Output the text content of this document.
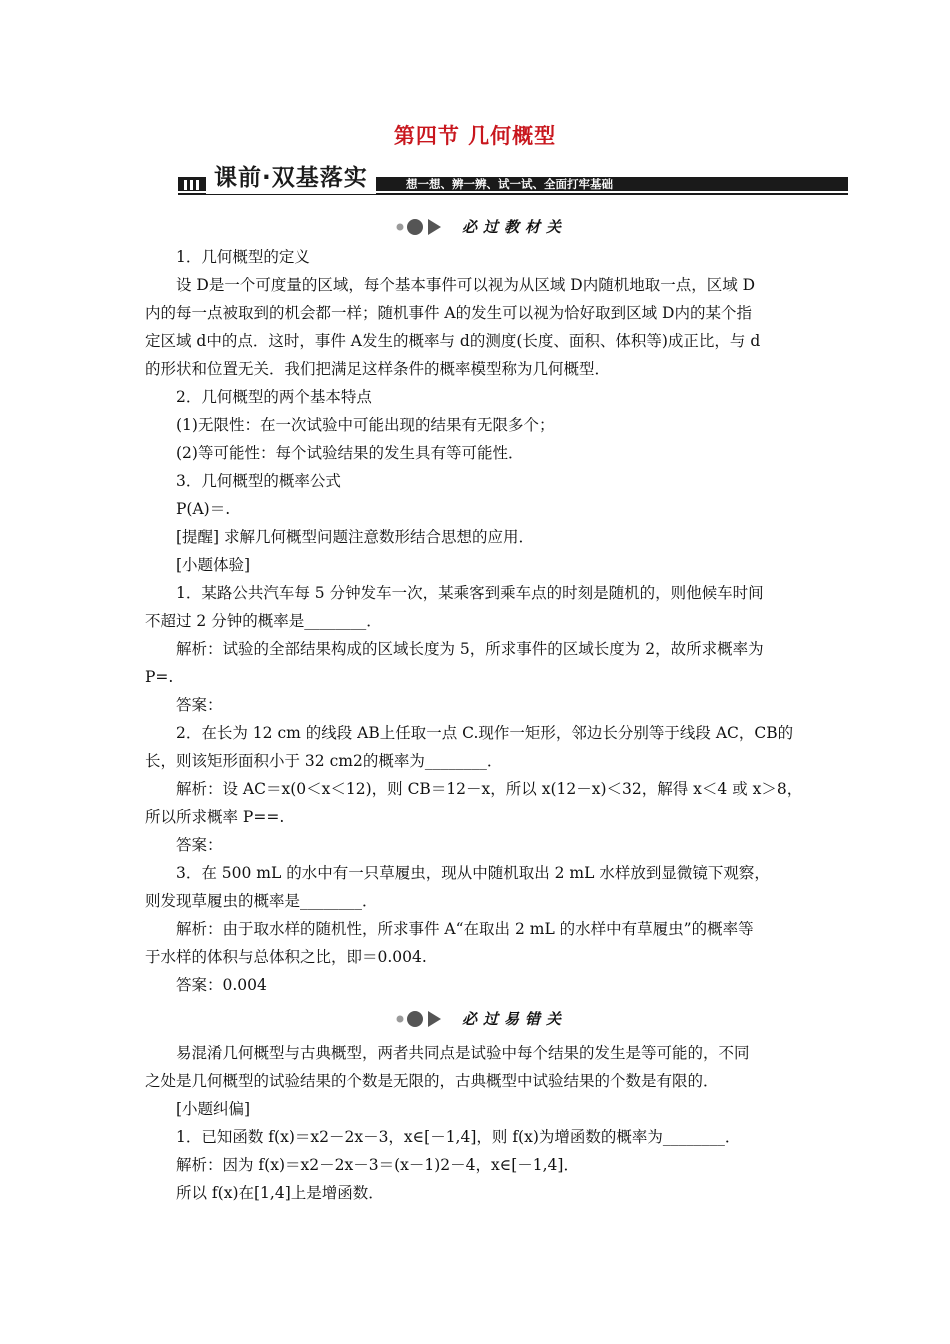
第四节 几何概型
课前·双基落实	想一想、辨一辨、试一试、全面打牢基础
必过教材关
必过易错关
1．几何概型的定义
设 D是一个可度量的区域，每个基本事件可以视为从区域 D内随机地取一点，区域 D
内的每一点被取到的机会都一样；随机事件 A的发生可以视为恰好取到区域 D内的某个指
定区域 d中的点．这时，事件 A发生的概率与 d的测度(长度、面积、体积等)成正比，与 d
的形状和位置无关．我们把满足这样条件的概率模型称为几何概型．
2．几何概型的两个基本特点
(1)无限性：在一次试验中可能出现的结果有无限多个；
(2)等可能性：每个试验结果的发生具有等可能性．
3．几何概型的概率公式
P(A)＝.
[提醒] 求解几何概型问题注意数形结合思想的应用．
[小题体验]
1．某路公共汽车每 5 分钟发车一次，某乘客到乘车点的时刻是随机的，则他候车时间
不超过 2 分钟的概率是________．
解析：试验的全部结果构成的区域长度为 5，所求事件的区域长度为 2，故所求概率为
P=.
答案：
2．在长为 12 cm 的线段 AB上任取一点 C.现作一矩形，邻边长分别等于线段 AC，CB的
长，则该矩形面积小于 32 cm2的概率为________．
解析：设 AC＝x(0＜x＜12)，则 CB＝12－x，所以 x(12－x)＜32，解得 x＜4 或 x＞8，
所以所求概率 P==.
答案：
3．在 500 mL 的水中有一只草履虫，现从中随机取出 2 mL 水样放到显微镜下观察，
则发现草履虫的概率是________．
解析：由于取水样的随机性，所求事件 A“在取出 2 mL 的水样中有草履虫”的概率等
于水样的体积与总体积之比，即＝0.004.
答案：0.004
易混淆几何概型与古典概型，两者共同点是试验中每个结果的发生是等可能的，不同
之处是几何概型的试验结果的个数是无限的，古典概型中试验结果的个数是有限的．
[小题纠偏]
1．已知函数 f(x)＝x2－2x－3，x∈[－1,4]，则 f(x)为增函数的概率为________．
解析：因为 f(x)＝x2－2x－3＝(x－1)2－4，x∈[－1,4]．
所以 f(x)在[1,4]上是增函数．
